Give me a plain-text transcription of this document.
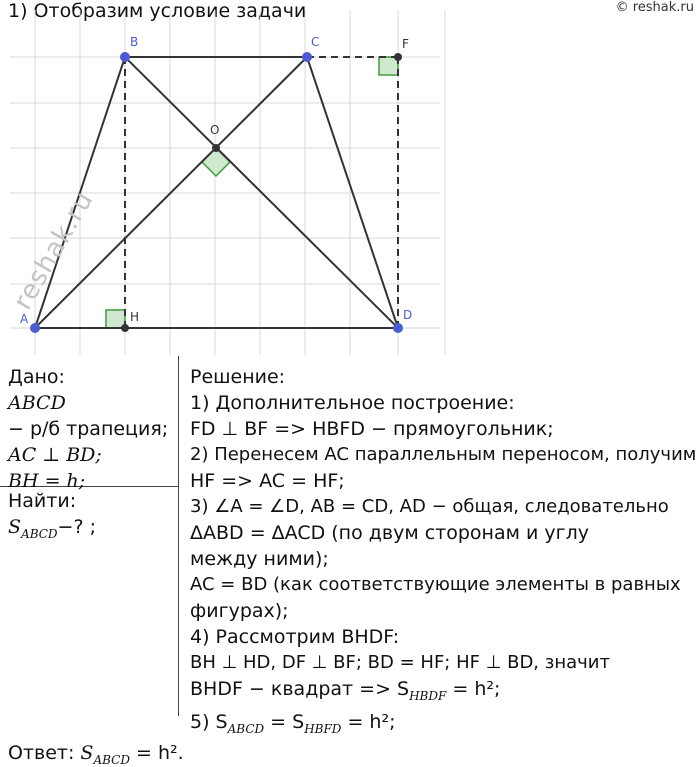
1) Отобразим условие задачи	© reshak.ru
A
B	C
D
O
H
F
reshak.ru
Дано:
ABCD
− р/б трапеция;
AC ⊥ BD;
BH = h;
Найти:
$S_{ABCD}-$? ;
Решение:
1) Дополнительное построение:
FD ⊥ BF => HBFD − прямоугольник;
2) Перенесем AC параллельным переносом, получим
HF => AC = HF;
3) ∠A = ∠D, AB = CD, AD − общая, следовательно
ΔABD = ΔACD (по двум сторонам и углу
между ними);
AC = BD (как соответствующие элементы в равных
фигурах);
4) Рассмотрим BHDF:
BH ⊥ HD, DF ⊥ BF; BD = HF; HF ⊥ BD, значит
BHDF − квадрат => $S_{HBDF} = h^2$;
5) $S_{ABCD} = S_{HBFD} = h^2$;
Ответ: $S_{ABCD} = h^2$.
